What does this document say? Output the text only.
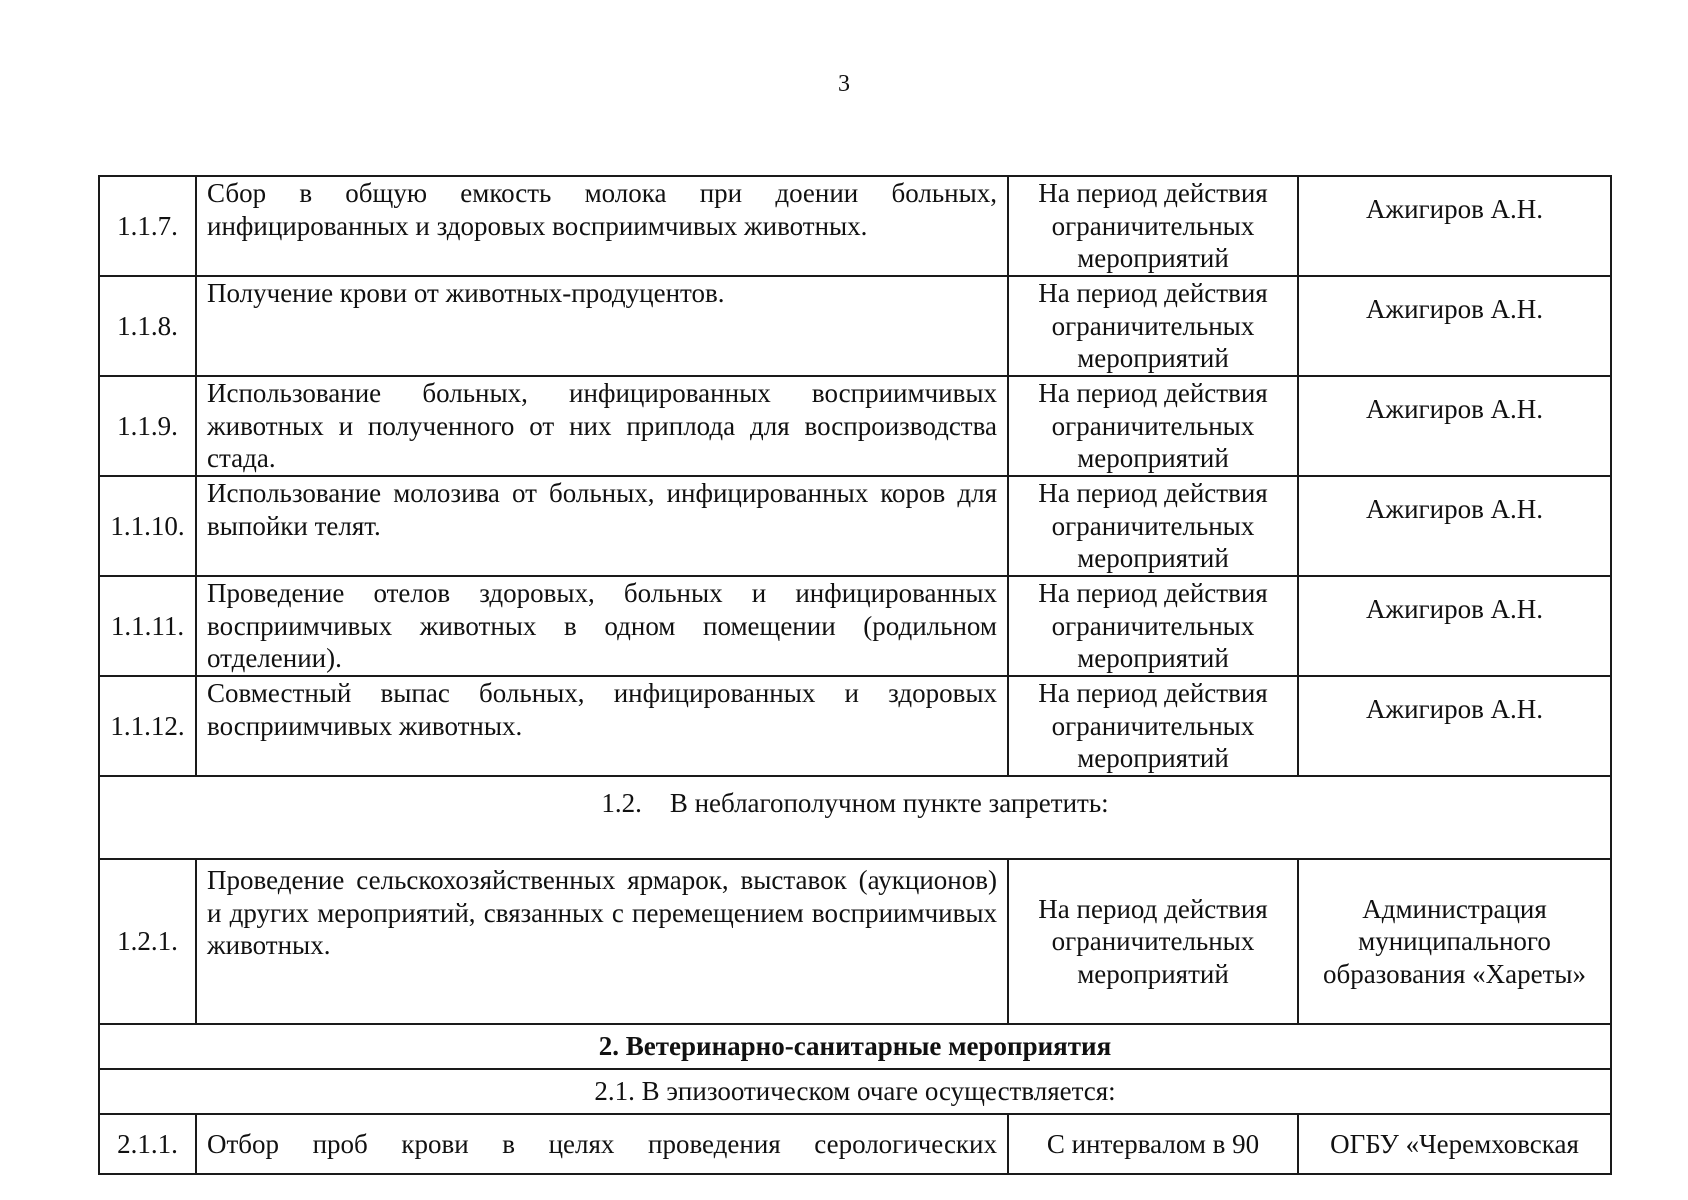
3
1.1.7.	Сбор в общую емкость молока при доении больных, инфицированных и здоровых восприимчивых животных.	На период действия ограничительных мероприятий	Ажигиров А.Н.

1.1.8.	Получение крови от животных-продуцентов.	На период действия ограничительных мероприятий	Ажигиров А.Н.

1.1.9.	Использование больных, инфицированных восприимчивых животных и полученного от них приплода для воспроизводства стада.	На период действия ограничительных мероприятий	Ажигиров А.Н.

1.1.10.	Использование молозива от больных, инфицированных коров для выпойки телят.	На период действия ограничительных мероприятий	Ажигиров А.Н.

1.1.11.	Проведение отелов здоровых, больных и инфицированных восприимчивых животных в одном помещении (родильном отделении).	На период действия ограничительных мероприятий	Ажигиров А.Н.

1.1.12.	Совместный выпас больных, инфицированных и здоровых восприимчивых животных.	На период действия ограничительных мероприятий	Ажигиров А.Н.

1.2. В неблагополучном пункте запретить:			
1.2.1.	Проведение сельскохозяйственных ярмарок, выставок (аукционов) и других мероприятий, связанных с перемещением восприимчивых животных.	На период действия ограничительных мероприятий	Администрация муниципального образования «Хареты»
2. Ветеринарно-санитарные мероприятия			
2.1. В эпизоотическом очаге осуществляется:			
2.1.1.	Отбор проб крови в целях проведения серологических	С интервалом в 90	ОГБУ «Черемховская
